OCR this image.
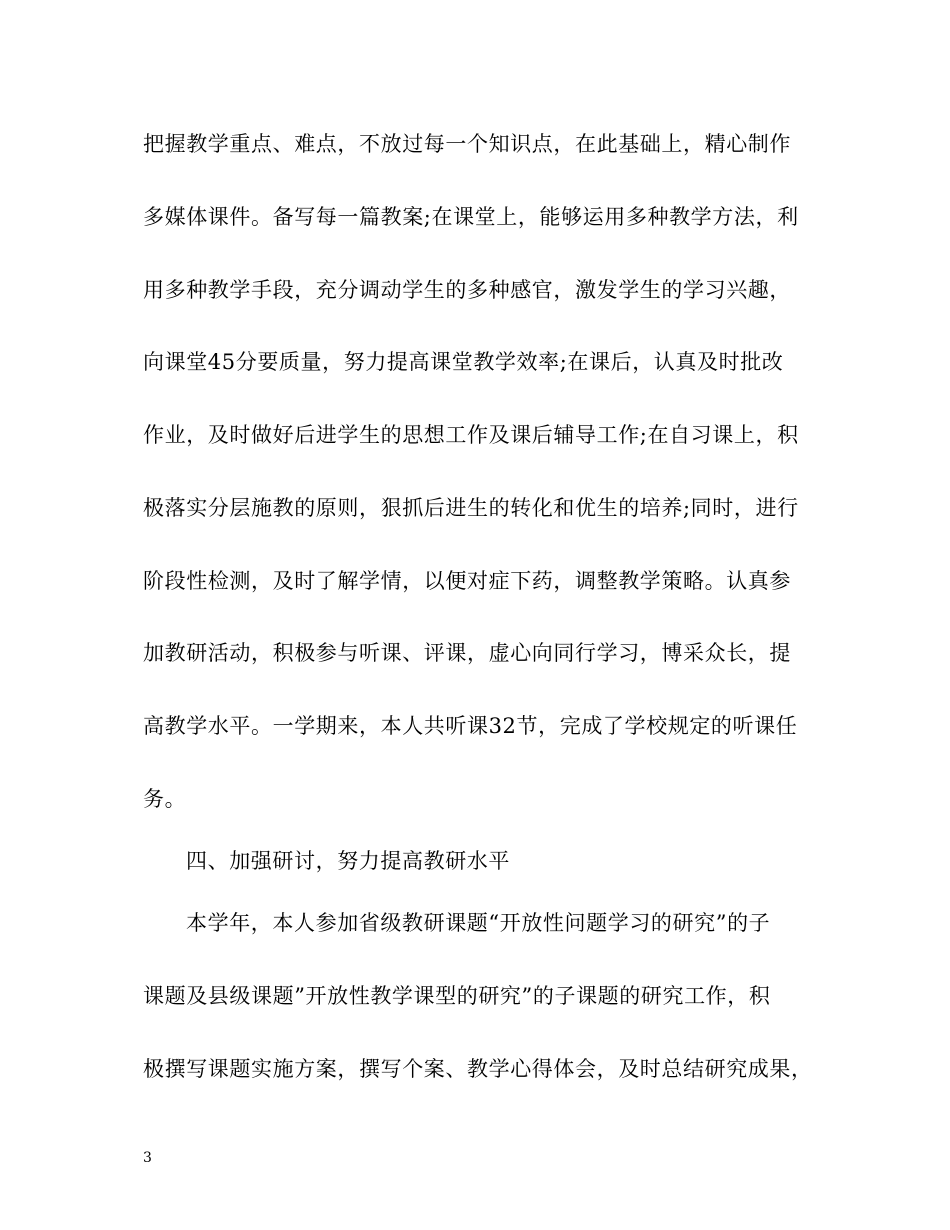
把握教学重点、难点，不放过每一个知识点，在此基础上，精心制作
多媒体课件。备写每一篇教案;在课堂上，能够运用多种教学方法，利
用多种教学手段，充分调动学生的多种感官，激发学生的学习兴趣，
向课堂45分要质量，努力提高课堂教学效率;在课后，认真及时批改
作业，及时做好后进学生的思想工作及课后辅导工作;在自习课上，积
极落实分层施教的原则，狠抓后进生的转化和优生的培养;同时，进行
阶段性检测，及时了解学情，以便对症下药，调整教学策略。认真参
加教研活动，积极参与听课、评课，虚心向同行学习，博采众长，提
高教学水平。一学期来，本人共听课32节，完成了学校规定的听课任
务。
四、加强研讨，努力提高教研水平
本学年，本人参加省级教研课题“开放性问题学习的研究”的子
课题及县级课题”开放性教学课型的研究”的子课题的研究工作，积
极撰写课题实施方案，撰写个案、教学心得体会，及时总结研究成果，
3
